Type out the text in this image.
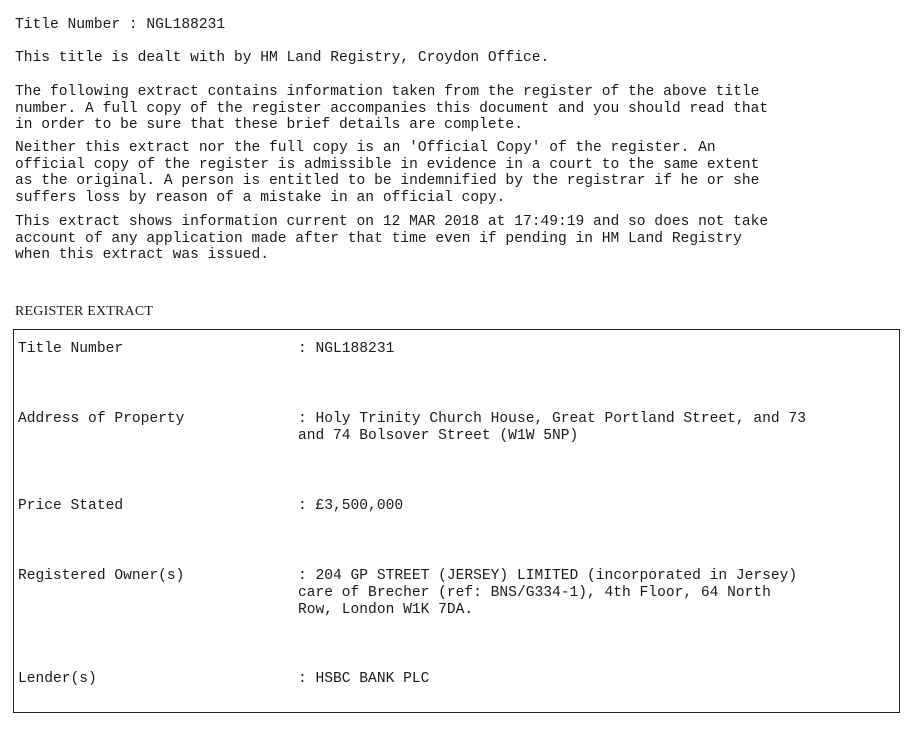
Title Number : NGL188231
This title is dealt with by HM Land Registry, Croydon Office.
The following extract contains information taken from the register of the above title
number. A full copy of the register accompanies this document and you should read that
in order to be sure that these brief details are complete.
Neither this extract nor the full copy is an 'Official Copy' of the register. An
official copy of the register is admissible in evidence in a court to the same extent
as the original. A person is entitled to be indemnified by the registrar if he or she
suffers loss by reason of a mistake in an official copy.
This extract shows information current on 12 MAR 2018 at 17:49:19 and so does not take
account of any application made after that time even if pending in HM Land Registry
when this extract was issued.
REGISTER EXTRACT
Title Number	: NGL188231
Address of Property	: Holy Trinity Church House, Great Portland Street, and 73
and 74 Bolsover Street (W1W 5NP)
Price Stated	: £3,500,000
Registered Owner(s)	: 204 GP STREET (JERSEY) LIMITED (incorporated in Jersey)
care of Brecher (ref: BNS/G334-1), 4th Floor, 64 North
Row, London W1K 7DA.
Lender(s)	: HSBC BANK PLC
